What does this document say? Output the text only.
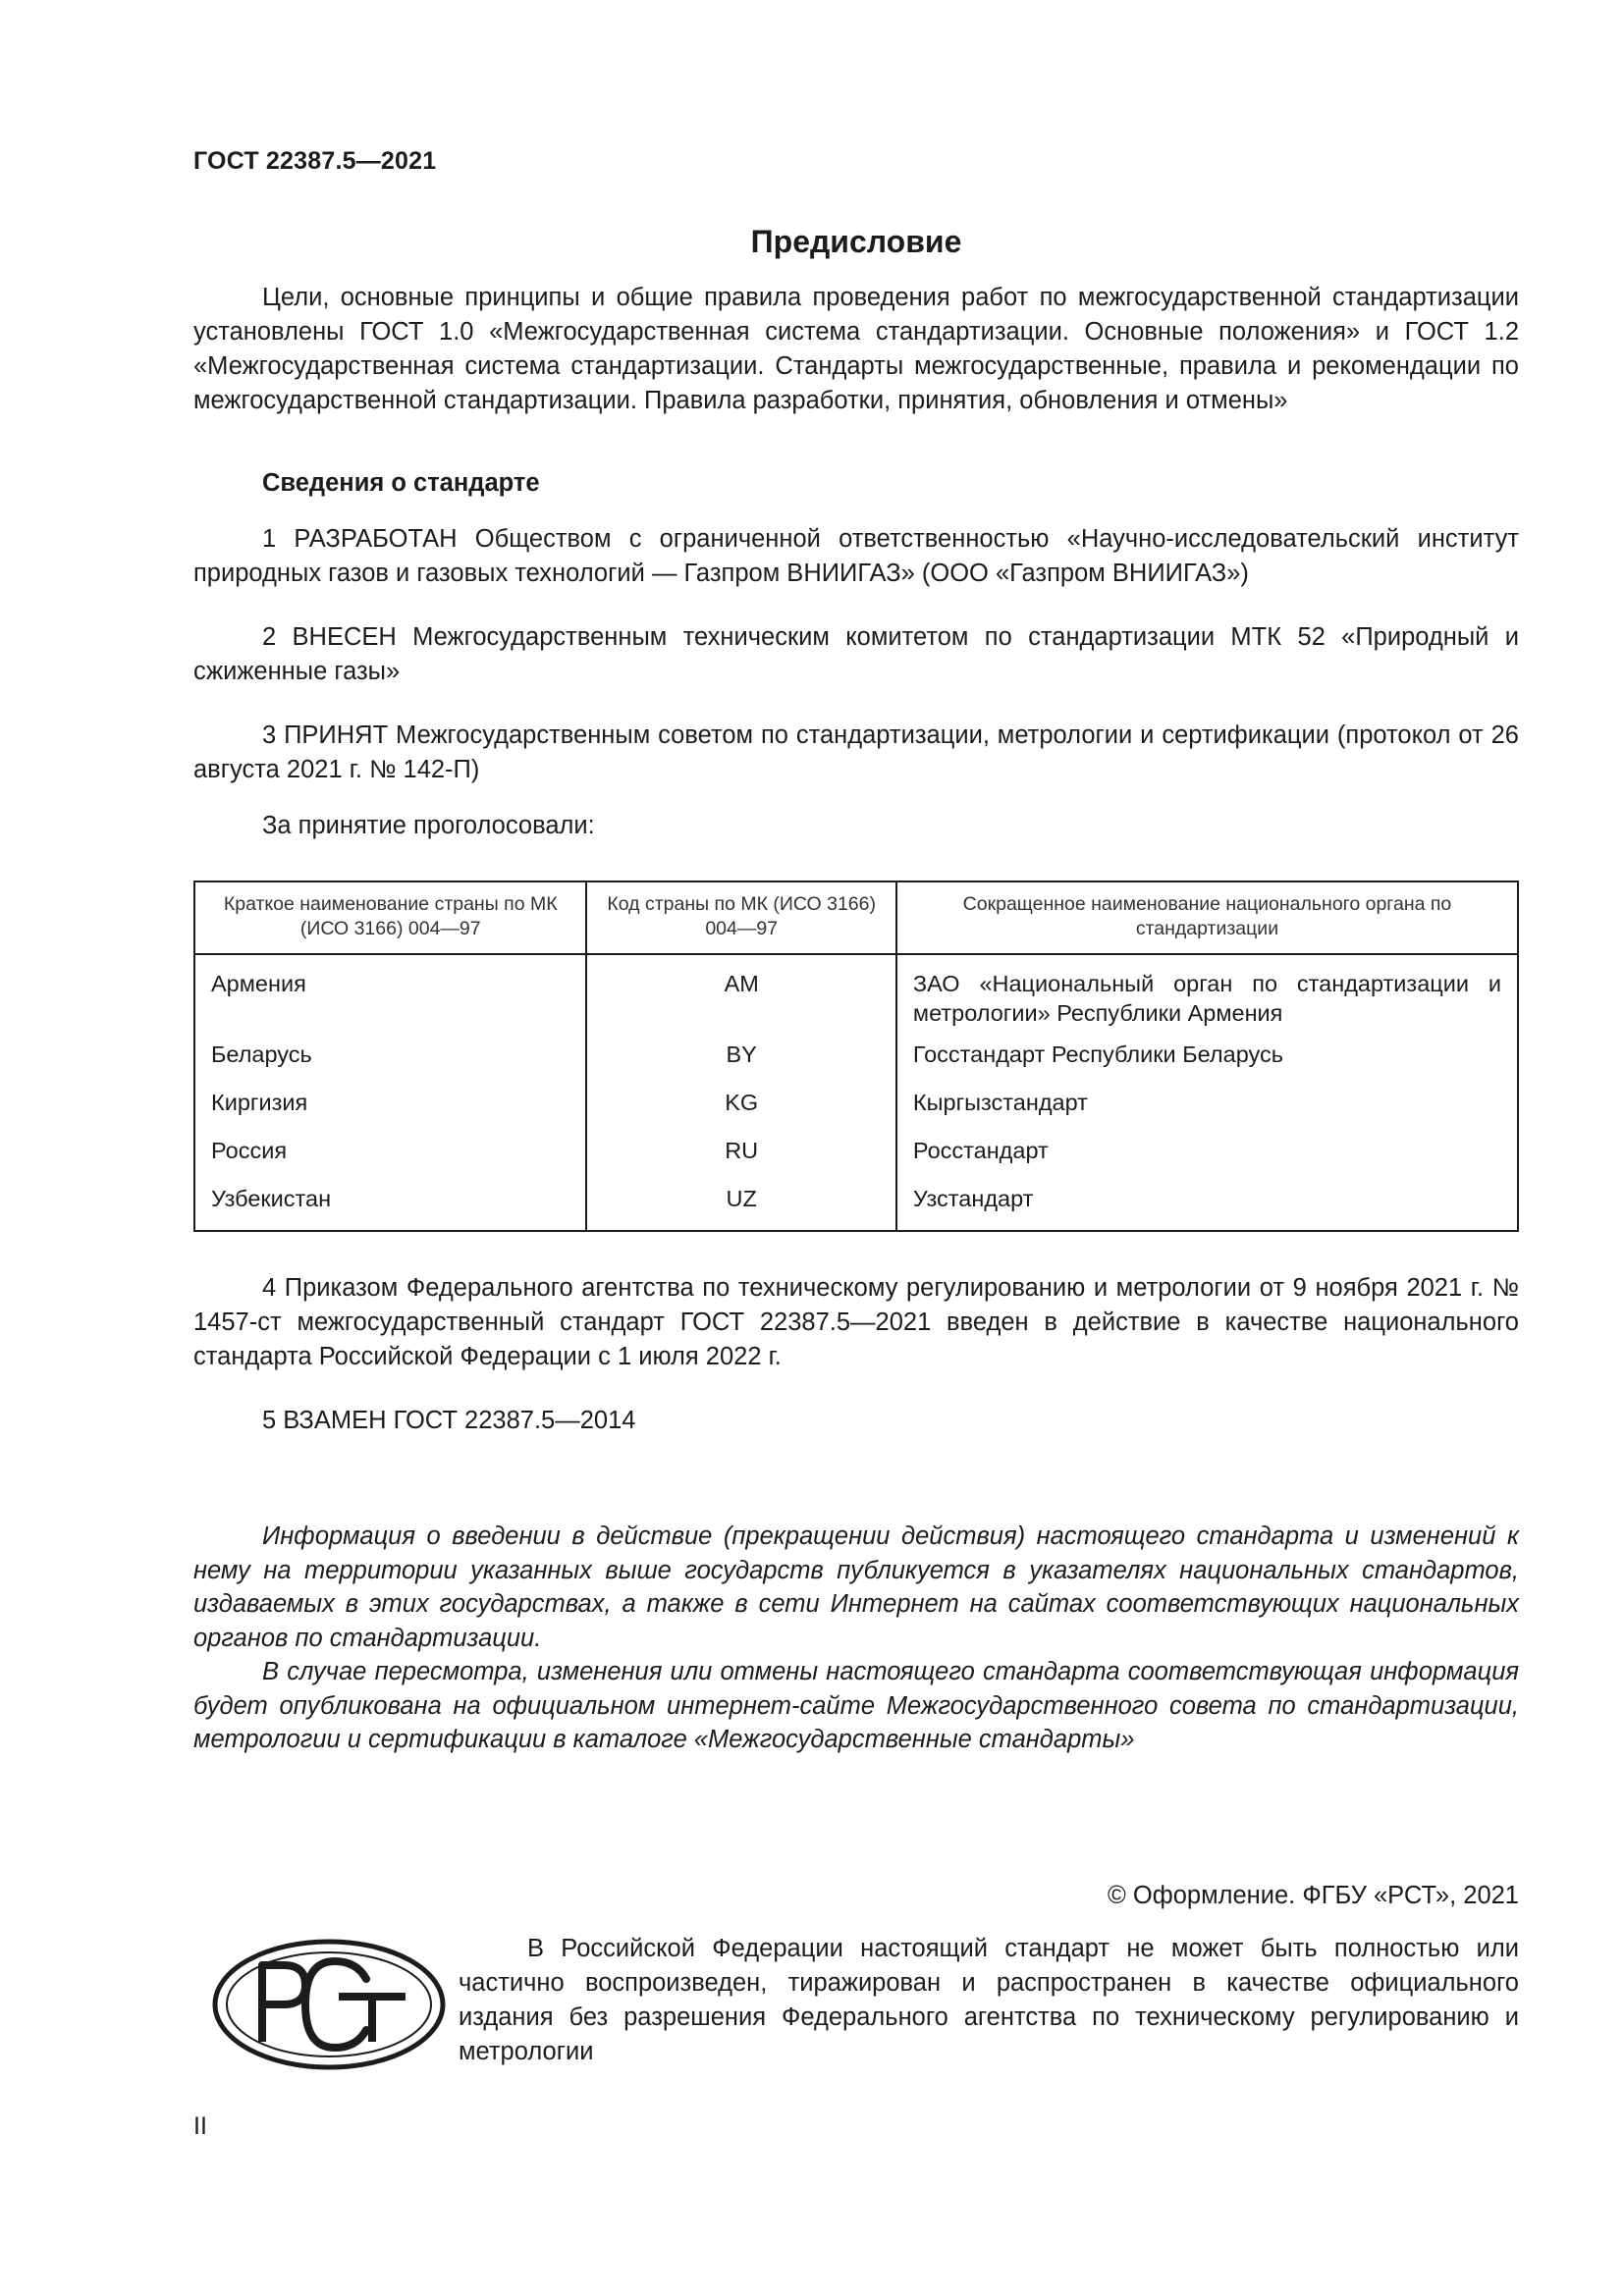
ГОСТ 22387.5—2021
Предисловие

Цели, основные принципы и общие правила проведения работ по межгосударственной стандартизации установлены ГОСТ 1.0 «Межгосударственная система стандартизации. Основные положения» и ГОСТ 1.2 «Межгосударственная система стандартизации. Стандарты межгосударственные, правила и рекомендации по межгосударственной стандартизации. Правила разработки, принятия, обновления и отмены»

Сведения о стандарте

1 РАЗРАБОТАН Обществом с ограниченной ответственностью «Научно-исследовательский институт природных газов и газовых технологий — Газпром ВНИИГАЗ» (ООО «Газпром ВНИИГАЗ»)

2 ВНЕСЕН Межгосударственным техническим комитетом по стандартизации МТК 52 «Природный и сжиженные газы»

3 ПРИНЯТ Межгосударственным советом по стандартизации, метрологии и сертификации (протокол от 26 августа 2021 г. № 142-П)

За принятие проголосовали:
Краткое наименование страны по МК (ИСО 3166) 004—97	Код страны по МК (ИСО 3166) 004—97	Сокращенное наименование национального органа по стандартизации
Армения	AM	ЗАО «Национальный орган по стандартизации и метрологии» Республики Армения
Беларусь	BY	Госстандарт Республики Беларусь
Киргизия	KG	Кыргызстандарт
Россия	RU	Росстандарт
Узбекистан	UZ	Узстандарт

4 Приказом Федерального агентства по техническому регулированию и метрологии от 9 ноября 2021 г. № 1457-ст межгосударственный стандарт ГОСТ 22387.5—2021 введен в действие в качестве национального стандарта Российской Федерации с 1 июля 2022 г.

5 ВЗАМЕН ГОСТ 22387.5—2014

Информация о введении в действие (прекращении действия) настоящего стандарта и изменений к нему на территории указанных выше государств публикуется в указателях национальных стандартов, издаваемых в этих государствах, а также в сети Интернет на сайтах соответствующих национальных органов по стандартизации.

В случае пересмотра, изменения или отмены настоящего стандарта соответствующая информация будет опубликована на официальном интернет-сайте Межгосударственного совета по стандартизации, метрологии и сертификации в каталоге «Межгосударственные стандарты»

© Оформление. ФГБУ «РСТ», 2021

В Российской Федерации настоящий стандарт не может быть полностью или частично воспроизведен, тиражирован и распространен в качестве официального издания без разрешения Федерального агентства по техническому регулированию и метрологии

II
